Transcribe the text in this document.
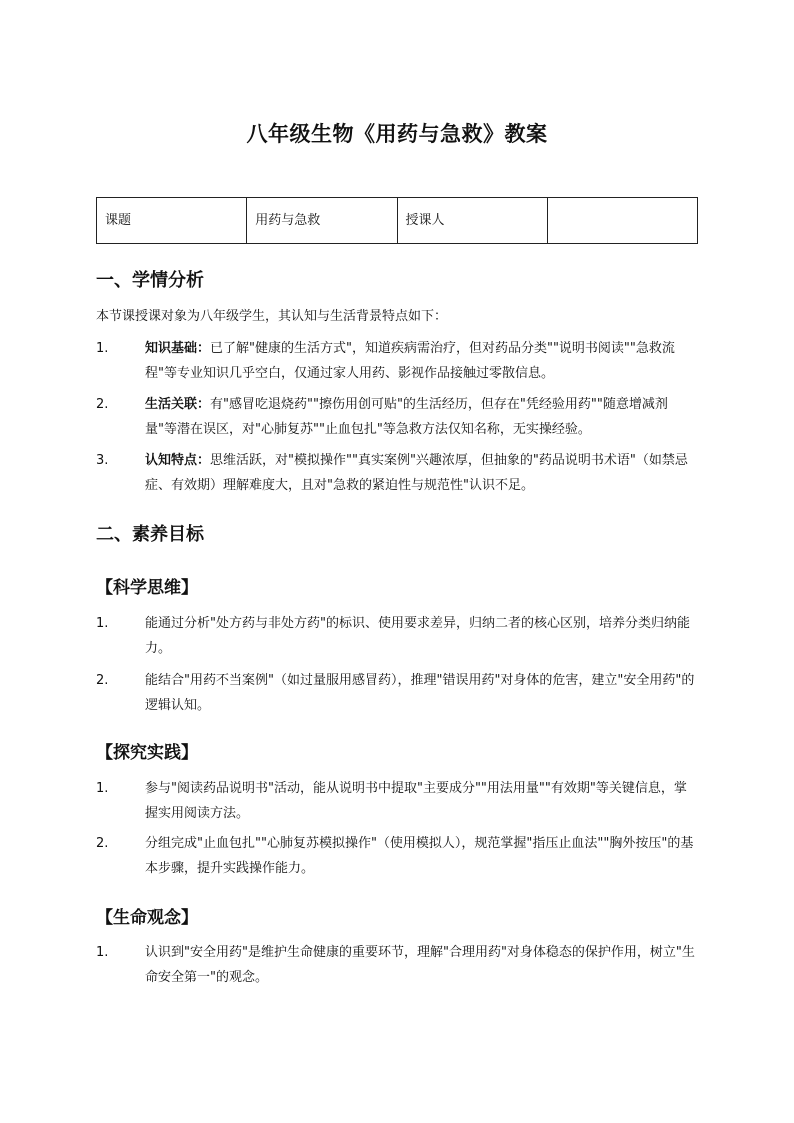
八年级生物《用药与急救》教案
课题	用药与急救	授课人	
一、学情分析
本节课授课对象为八年级学生，其认知与生活背景特点如下：
1.	知识基础：已了解"健康的生活方式"，知道疾病需治疗，但对药品分类""说明书阅读""急救流程"等专业知识几乎空白，仅通过家人用药、影视作品接触过零散信息。
2.	生活关联：有"感冒吃退烧药""擦伤用创可贴"的生活经历，但存在"凭经验用药""随意增减剂量"等潜在误区，对"心肺复苏""止血包扎"等急救方法仅知名称，无实操经验。
3.	认知特点：思维活跃，对"模拟操作""真实案例"兴趣浓厚，但抽象的"药品说明书术语"（如禁忌症、有效期）理解难度大，且对"急救的紧迫性与规范性"认识不足。
二、素养目标
【科学思维】
1.	能通过分析"处方药与非处方药"的标识、使用要求差异，归纳二者的核心区别，培养分类归纳能力。
2.	能结合"用药不当案例"（如过量服用感冒药），推理"错误用药"对身体的危害，建立"安全用药"的逻辑认知。
【探究实践】
1.	参与"阅读药品说明书"活动，能从说明书中提取"主要成分""用法用量""有效期"等关键信息，掌握实用阅读方法。
2.	分组完成"止血包扎""心肺复苏模拟操作"（使用模拟人），规范掌握"指压止血法""胸外按压"的基本步骤，提升实践操作能力。
【生命观念】
1.	认识到"安全用药"是维护生命健康的重要环节，理解"合理用药"对身体稳态的保护作用，树立"生命安全第一"的观念。
